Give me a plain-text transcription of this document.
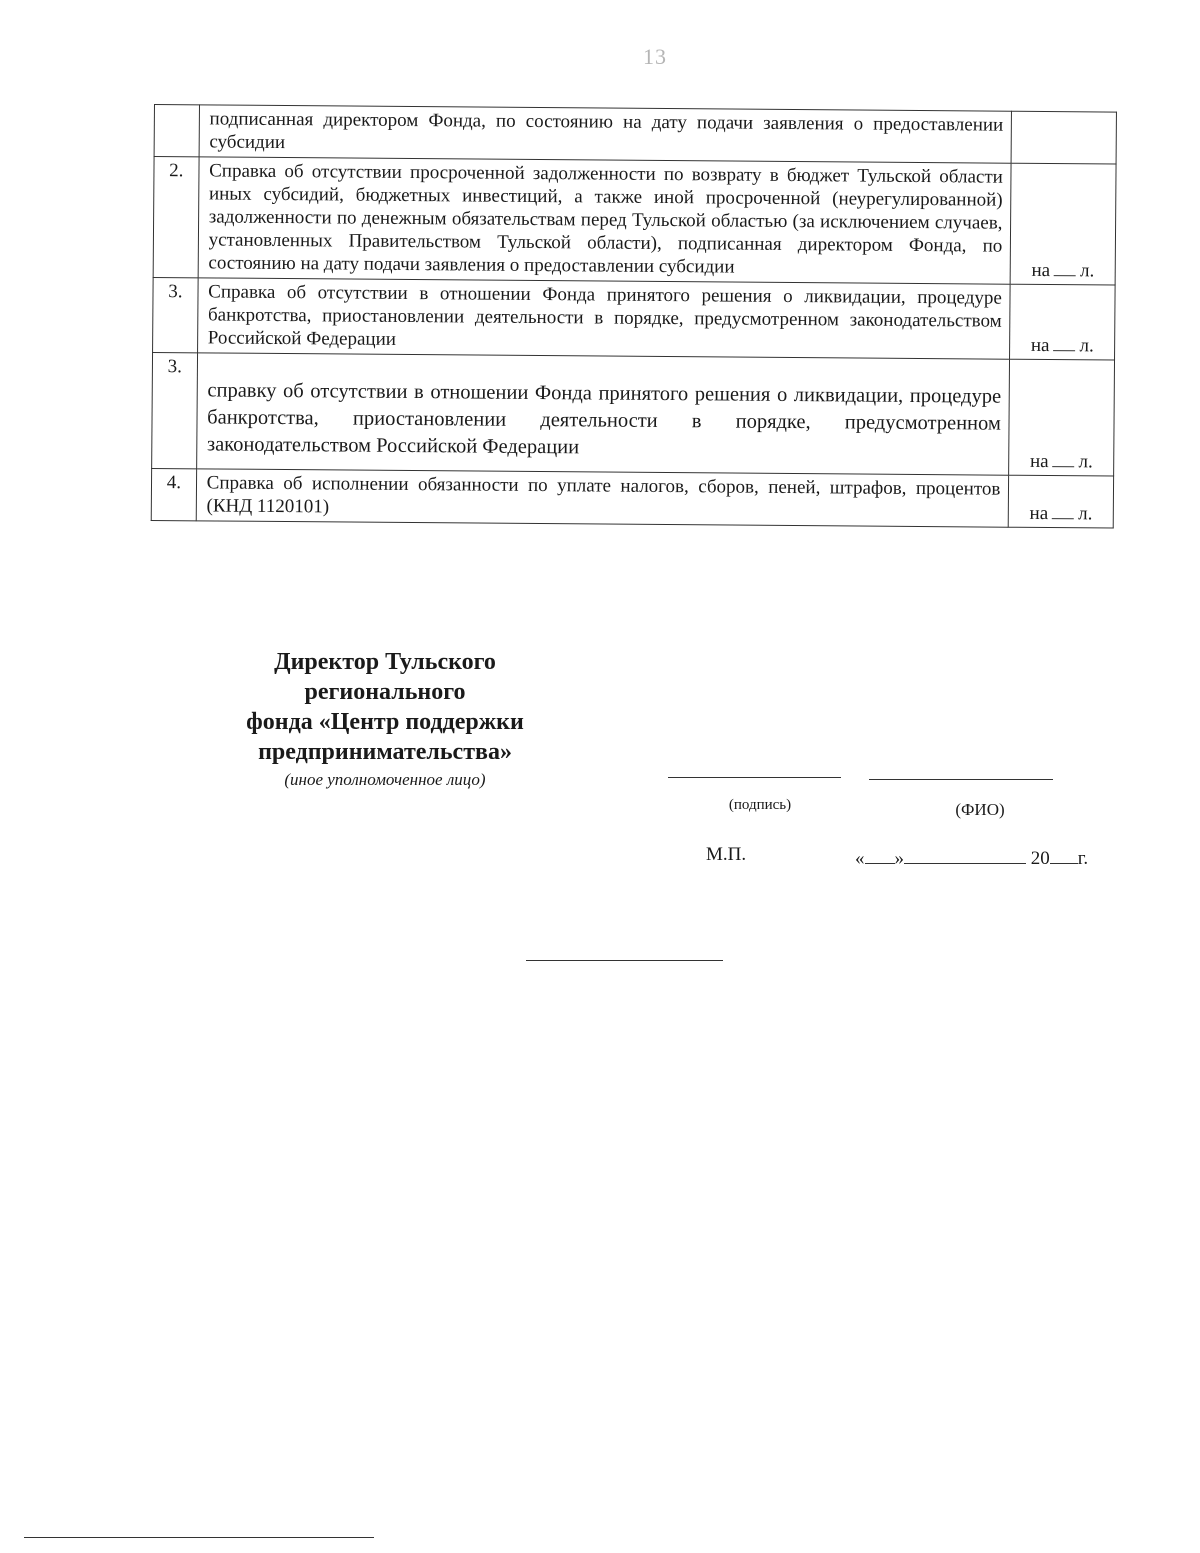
13
	подписанная директором Фонда, по состоянию на дату подачи заявления о предоставлении субсидии	
2.	Справка об отсутствии просроченной задолженности по возврату в бюджет Тульской области иных субсидий, бюджетных инвестиций, а также иной просроченной (неурегулированной) задолженности по денежным обязательствам перед Тульской областью (за исключением случаев, установленных Правительством Тульской области), подписанная директором Фонда, по состоянию на дату подачи заявления о предоставлении субсидии	на л.
3.	Справка об отсутствии в отношении Фонда принятого решения о ликвидации, процедуре банкротства, приостановлении деятельности в порядке, предусмотренном законодательством Российской Федерации	на л.
3.	справку об отсутствии в отношении Фонда принятого решения о ликвидации, процедуре банкротства, приостановлении деятельности в порядке, предусмотренном законодательством Российской Федерации	на л.
4.	Справка об исполнении обязанности по уплате налогов, сборов, пеней, штрафов, процентов (КНД 1120101)	на л.
Директор Тульского
регионального
фонда «Центр поддержки
предпринимательства»
(иное уполномоченное лицо)
(подпись)	(ФИО)
М.П.	« »	20 г.
